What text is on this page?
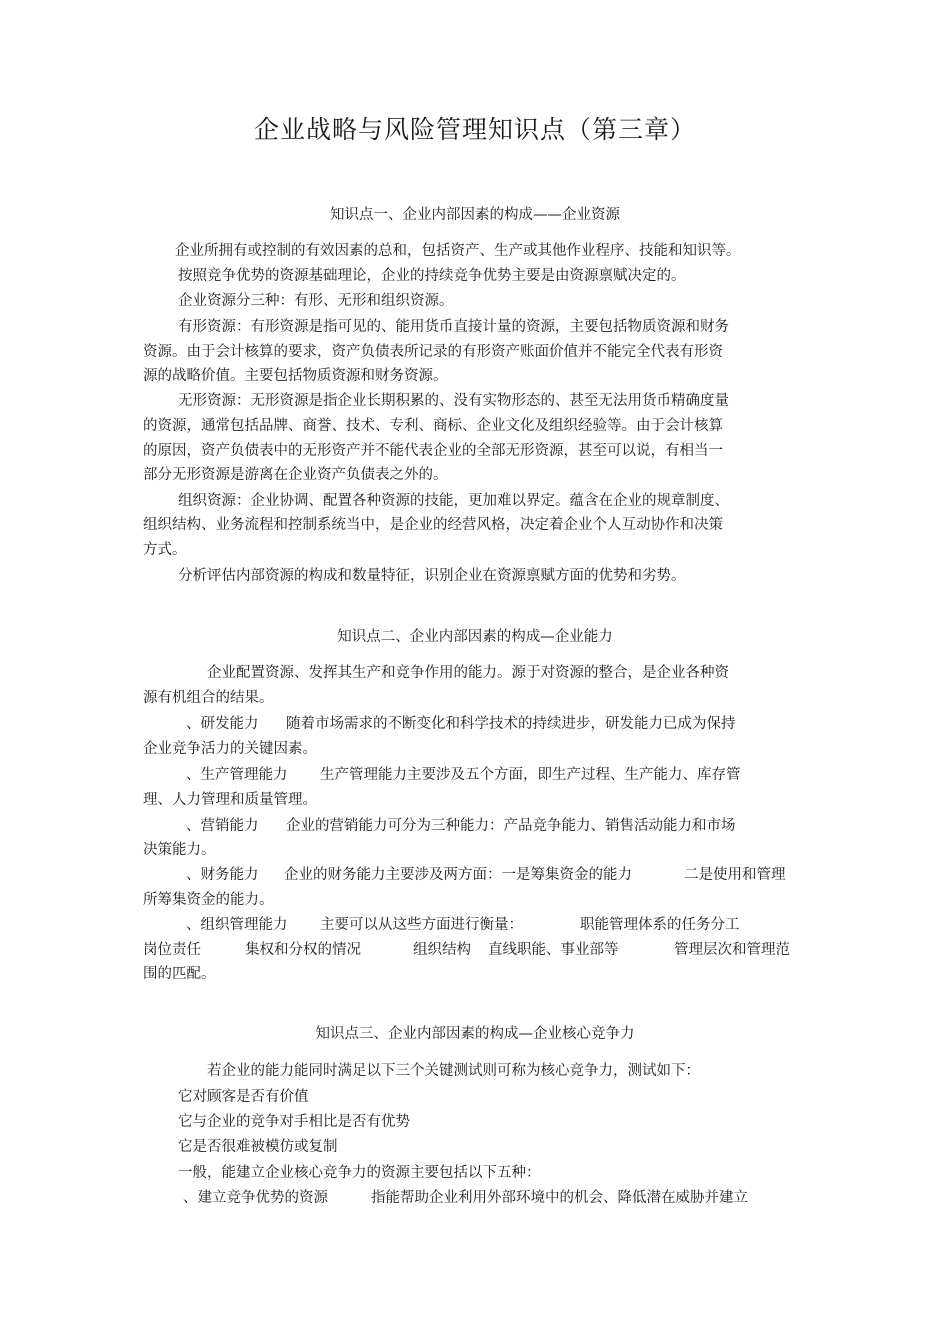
企业战略与风险管理知识点（第三章）
知识点一、企业内部因素的构成——企业资源
企业所拥有或控制的有效因素的总和，包括资产、生产或其他作业程序、技能和知识等。
按照竞争优势的资源基础理论，企业的持续竞争优势主要是由资源禀赋决定的。
企业资源分三种：有形、无形和组织资源。
有形资源：有形资源是指可见的、能用货币直接计量的资源，主要包括物质资源和财务
资源。由于会计核算的要求，资产负债表所记录的有形资产账面价值并不能完全代表有形资
源的战略价值。主要包括物质资源和财务资源。
无形资源：无形资源是指企业长期积累的、没有实物形态的、甚至无法用货币精确度量
的资源，通常包括品牌、商誉、技术、专利、商标、企业文化及组织经验等。由于会计核算
的原因，资产负债表中的无形资产并不能代表企业的全部无形资源，甚至可以说，有相当一
部分无形资源是游离在企业资产负债表之外的。
组织资源：企业协调、配置各种资源的技能，更加难以界定。蕴含在企业的规章制度、
组织结构、业务流程和控制系统当中，是企业的经营风格，决定着企业个人互动协作和决策
方式。
分析评估内部资源的构成和数量特征，识别企业在资源禀赋方面的优势和劣势。
知识点二、企业内部因素的构成—企业能力
企业配置资源、发挥其生产和竞争作用的能力。源于对资源的整合，是企业各种资
源有机组合的结果。
、研发能力 随着市场需求的不断变化和科学技术的持续进步，研发能力已成为保持
企业竞争活力的关键因素。
、生产管理能力 生产管理能力主要涉及五个方面，即生产过程、生产能力、库存管
理、人力管理和质量管理。
、营销能力 企业的营销能力可分为三种能力：产品竞争能力、销售活动能力和市场
决策能力。
、财务能力 企业的财务能力主要涉及两方面：一是筹集资金的能力	二是使用和管理
所筹集资金的能力。
、组织管理能力 主要可以从这些方面进行衡量：	职能管理体系的任务分工
岗位责任	集权和分权的情况	组织结构 直线职能、事业部等	管理层次和管理范
围的匹配。
知识点三、企业内部因素的构成—企业核心竞争力
若企业的能力能同时满足以下三个关键测试则可称为核心竞争力，测试如下：
它对顾客是否有价值
它与企业的竞争对手相比是否有优势
它是否很难被模仿或复制
一般，能建立企业核心竞争力的资源主要包括以下五种：
、建立竞争优势的资源	指能帮助企业利用外部环境中的机会、降低潜在威胁并建立
